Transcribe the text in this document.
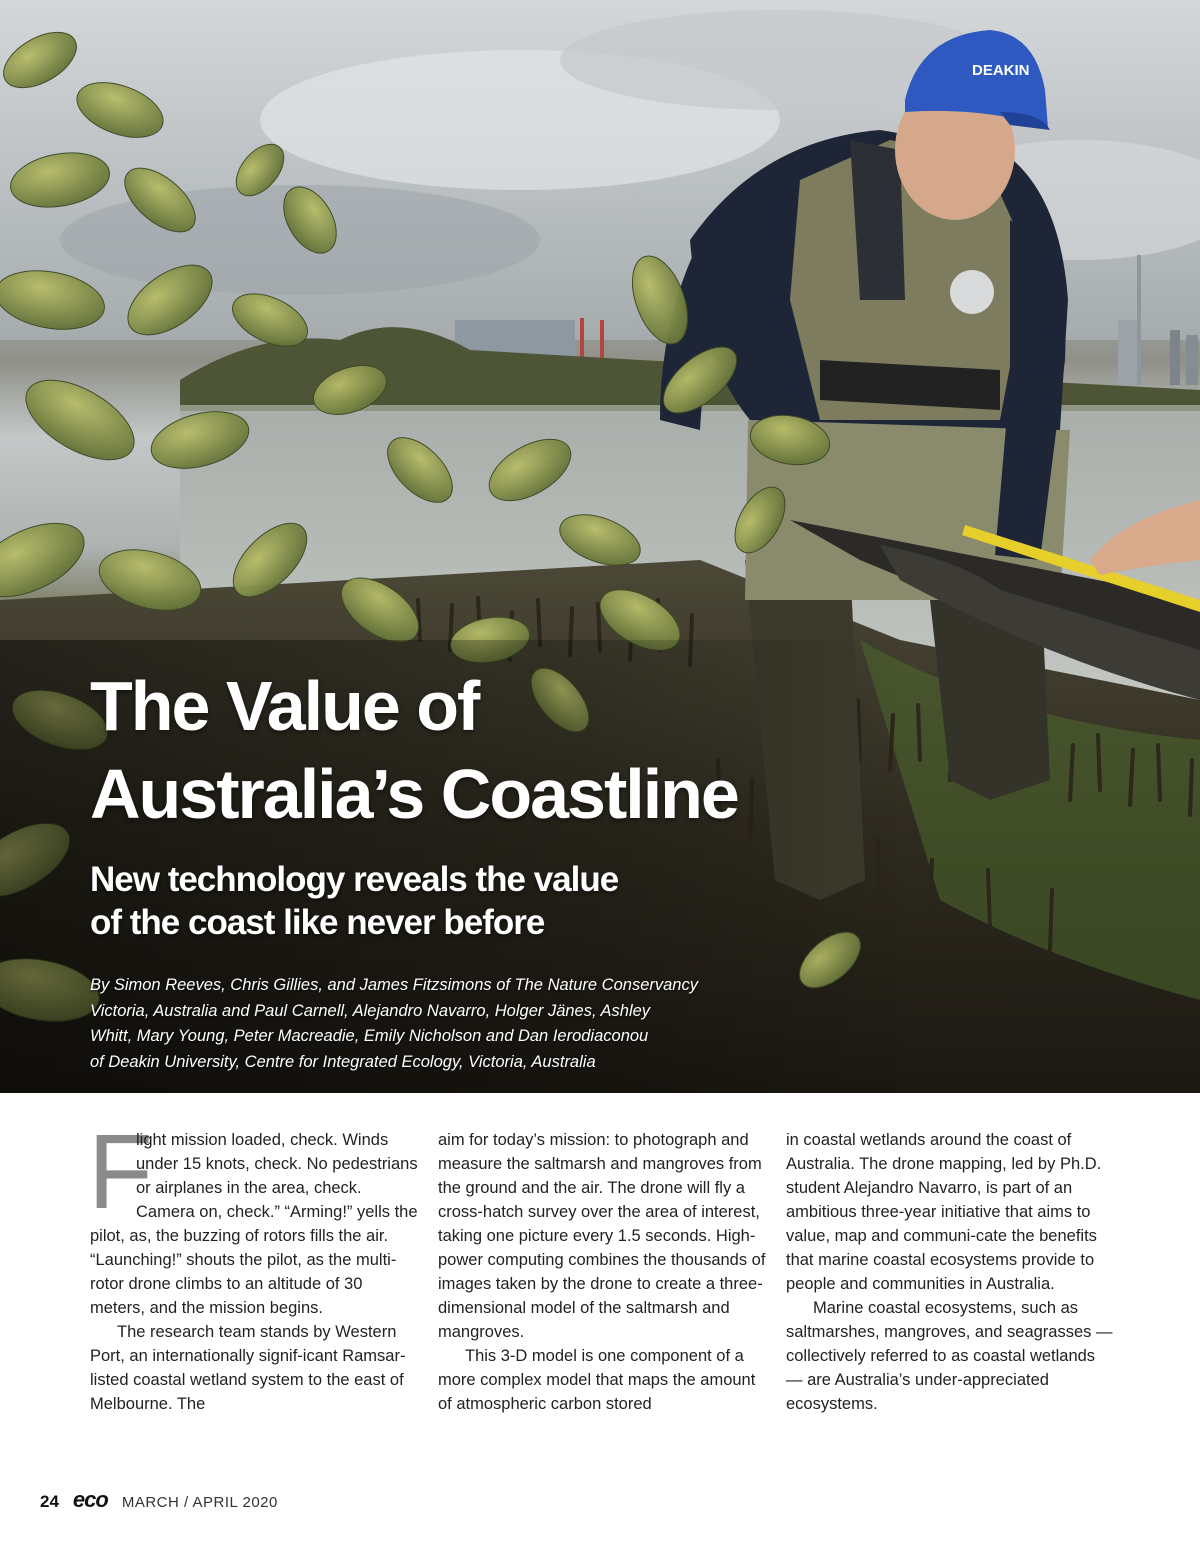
DEAKIN
The Value of
Australia’s Coastline
New technology reveals the value
of the coast like never before

By Simon Reeves, Chris Gillies, and James Fitzsimons of The Nature Conservancy
Victoria, Australia and Paul Carnell, Alejandro Navarro, Holger Jänes, Ashley
Whitt, Mary Young, Peter Macreadie, Emily Nicholson and Dan Ierodiaconou
of Deakin University, Centre for Integrated Ecology, Victoria, Australia

F
light mission loaded, check. Winds under 15 knots, check. No pedestrians or airplanes in the area, check. Camera on, check.” “Arming!” yells the pilot, as, the buzzing of rotors fills the air. “Launching!” shouts the pilot, as the multi-rotor drone climbs to an altitude of 30 meters, and the mission begins.

The research team stands by Western Port, an internationally signif-icant Ramsar-listed coastal wetland system to the east of Melbourne. The

aim for today’s mission: to photograph and measure the saltmarsh and mangroves from the ground and the air. The drone will fly a cross-hatch survey over the area of interest, taking one picture every 1.5 seconds. High-power computing combines the thousands of images taken by the drone to create a three-dimensional model of the saltmarsh and mangroves.

This 3-D model is one component of a more complex model that maps the amount of atmospheric carbon stored

in coastal wetlands around the coast of Australia. The drone mapping, led by Ph.D. student Alejandro Navarro, is part of an ambitious three-year initiative that aims to value, map and communi-cate the benefits that marine coastal ecosystems provide to people and communities in Australia.

Marine coastal ecosystems, such as saltmarshes, mangroves, and seagrasses — collectively referred to as coastal wetlands — are Australia’s under-appreciated ecosystems.

24 eco MARCH / APRIL 2020
